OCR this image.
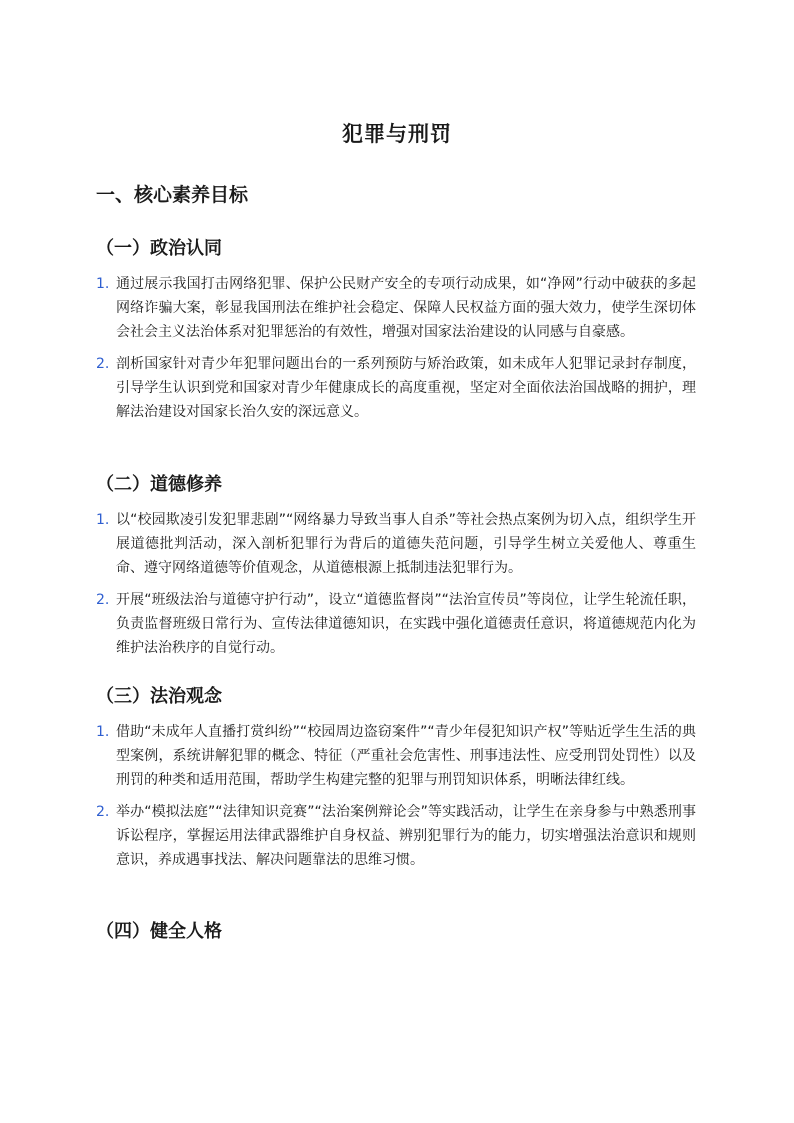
犯罪与刑罚
一、核心素养目标
（一）政治认同
1. 通过展示我国打击网络犯罪、保护公民财产安全的专项行动成果，如“净网”行动中破获的多起网络诈骗大案，彰显我国刑法在维护社会稳定、保障人民权益方面的强大效力，使学生深切体会社会主义法治体系对犯罪惩治的有效性，增强对国家法治建设的认同感与自豪感。
2. 剖析国家针对青少年犯罪问题出台的一系列预防与矫治政策，如未成年人犯罪记录封存制度，引导学生认识到党和国家对青少年健康成长的高度重视，坚定对全面依法治国战略的拥护，理解法治建设对国家长治久安的深远意义。
（二）道德修养
1. 以“校园欺凌引发犯罪悲剧”“网络暴力导致当事人自杀”等社会热点案例为切入点，组织学生开展道德批判活动，深入剖析犯罪行为背后的道德失范问题，引导学生树立关爱他人、尊重生命、遵守网络道德等价值观念，从道德根源上抵制违法犯罪行为。
2. 开展“班级法治与道德守护行动”，设立“道德监督岗”“法治宣传员”等岗位，让学生轮流任职，负责监督班级日常行为、宣传法律道德知识，在实践中强化道德责任意识，将道德规范内化为维护法治秩序的自觉行动。
（三）法治观念
1. 借助“未成年人直播打赏纠纷”“校园周边盗窃案件”“青少年侵犯知识产权”等贴近学生生活的典型案例，系统讲解犯罪的概念、特征（严重社会危害性、刑事违法性、应受刑罚处罚性）以及刑罚的种类和适用范围，帮助学生构建完整的犯罪与刑罚知识体系，明晰法律红线。
2. 举办“模拟法庭”“法律知识竞赛”“法治案例辩论会”等实践活动，让学生在亲身参与中熟悉刑事诉讼程序，掌握运用法律武器维护自身权益、辨别犯罪行为的能力，切实增强法治意识和规则意识，养成遇事找法、解决问题靠法的思维习惯。
（四）健全人格
